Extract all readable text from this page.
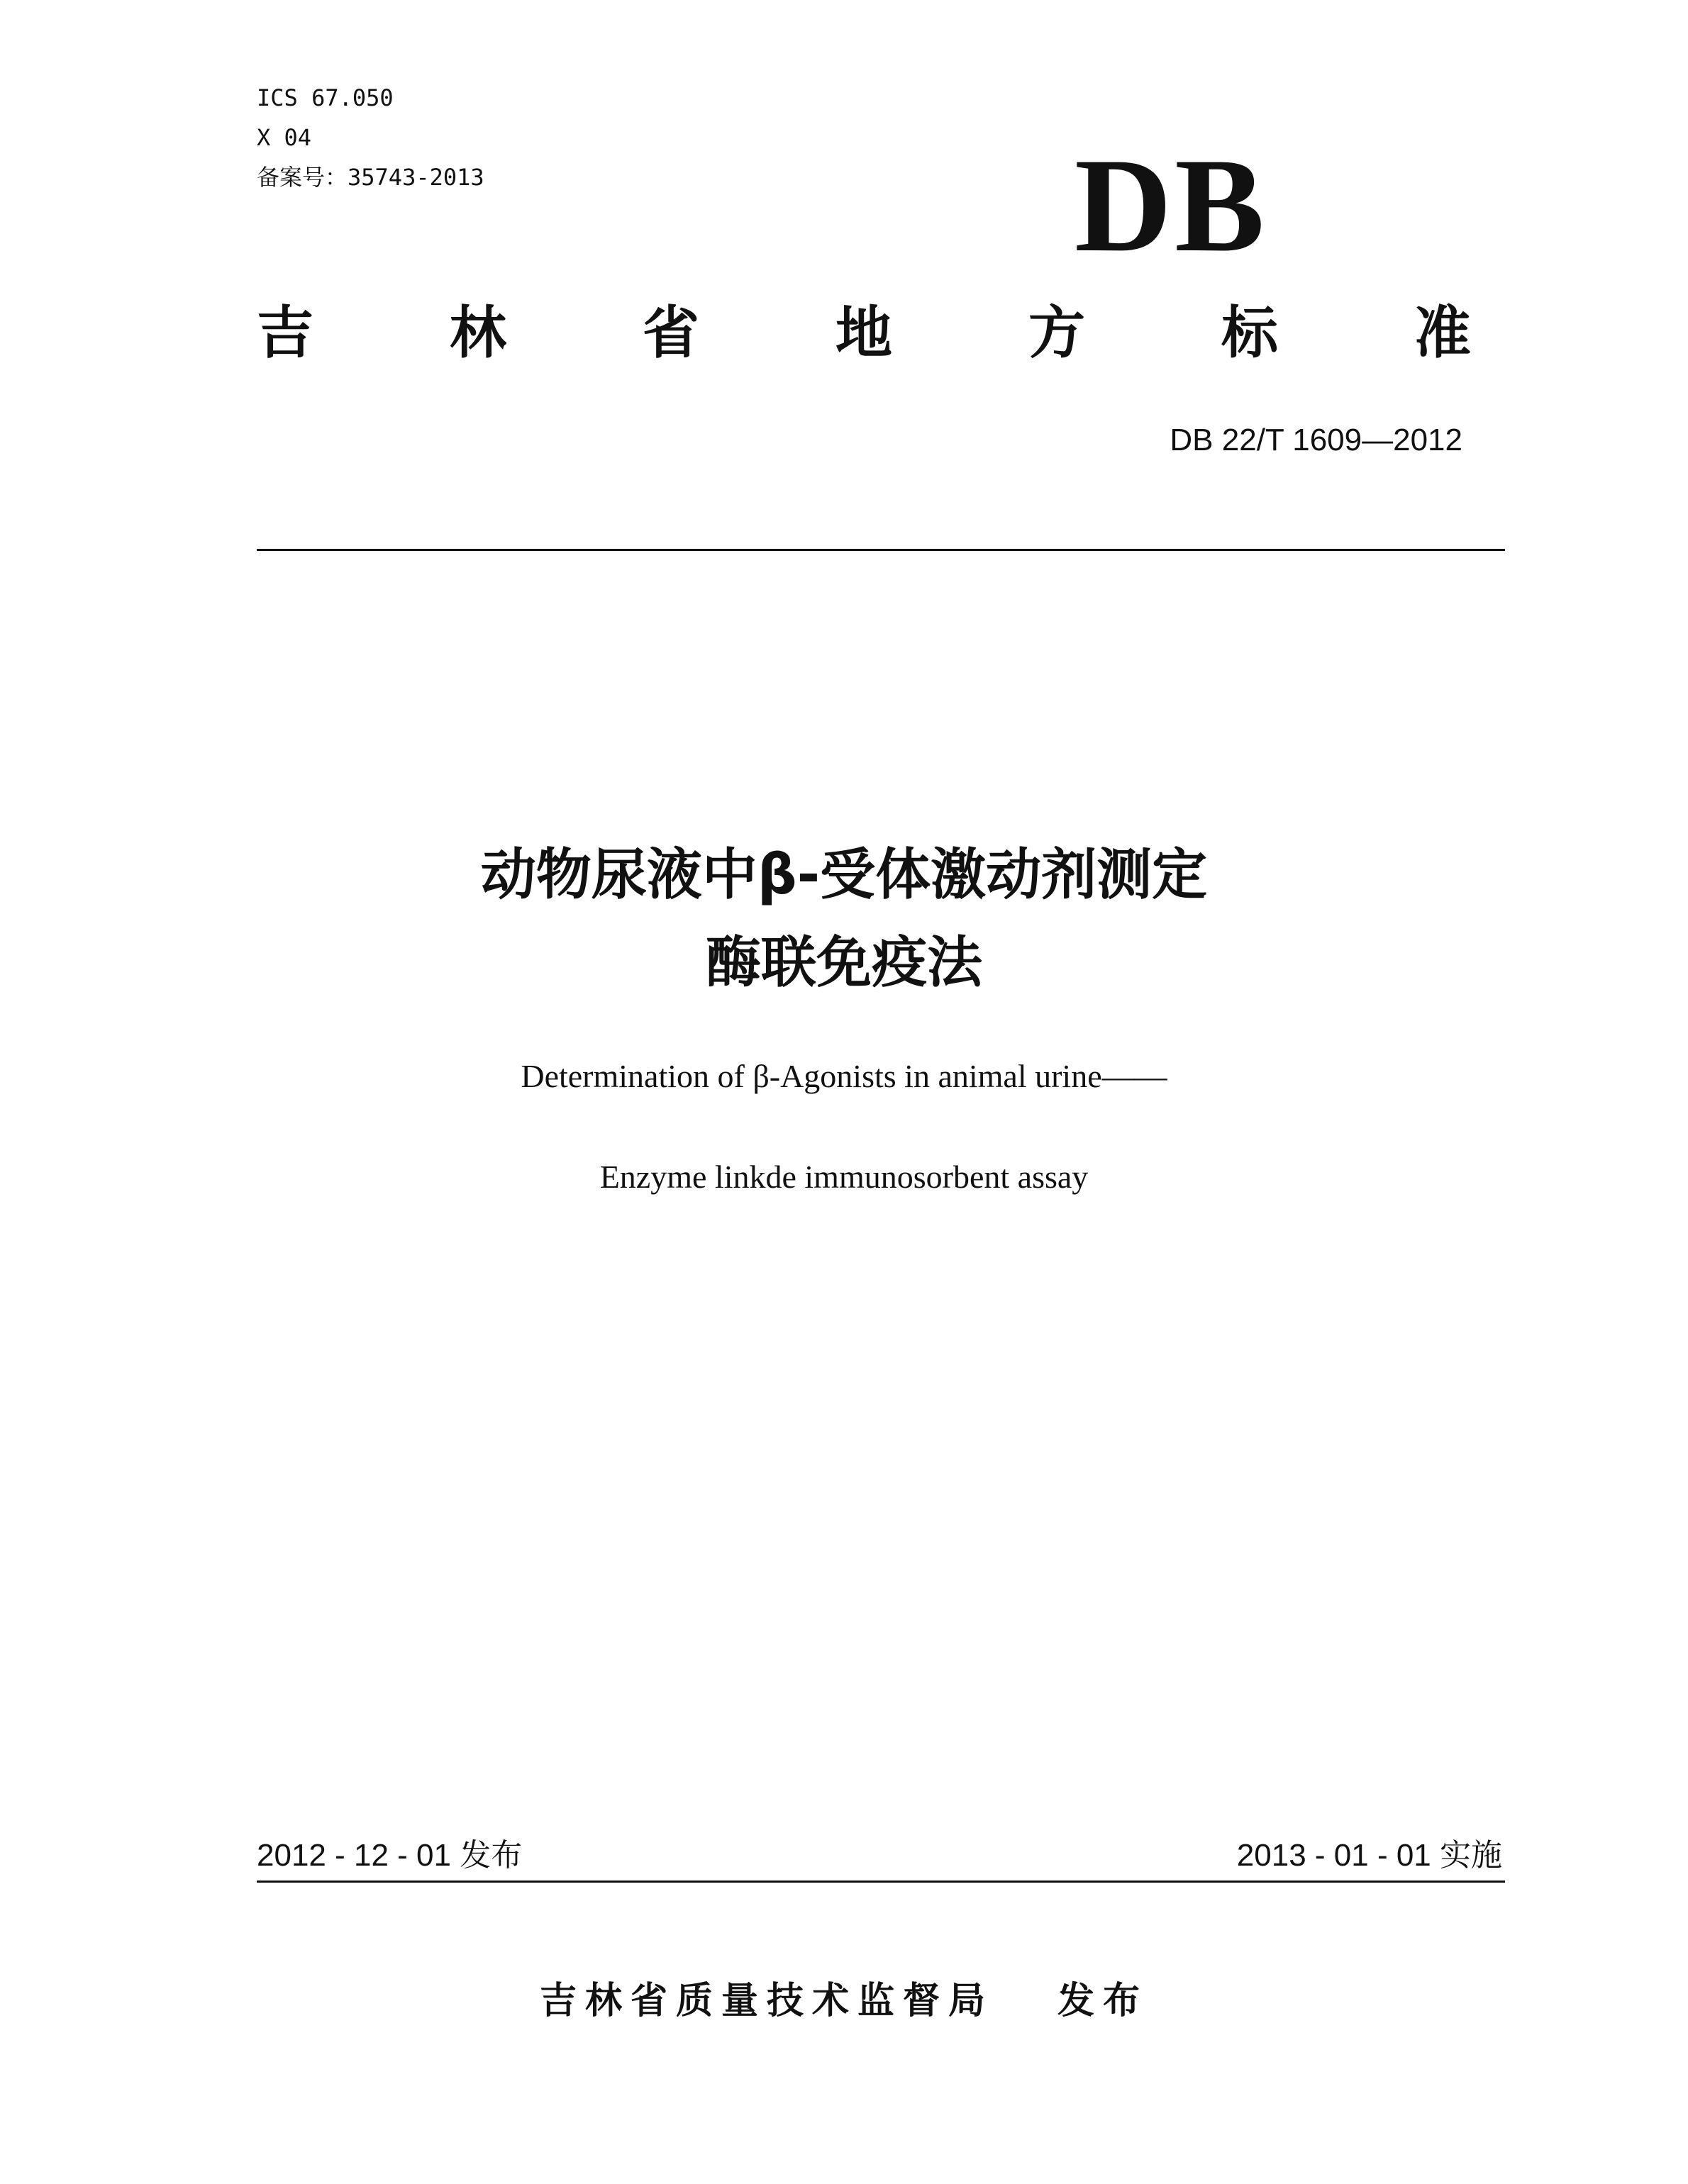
ICS 67.050
X 04
备案号：35743-2013	DB
吉 林 省 地 方 标 准
DB 22/T 1609—2012
动物尿液中β-受体激动剂测定
酶联免疫法
Determination of β-Agonists in animal urine——
Enzyme linkde immunosorbent assay
2012 - 12 - 01 发布	2013 - 01 - 01 实施
吉林省质量技术监督局 发布
